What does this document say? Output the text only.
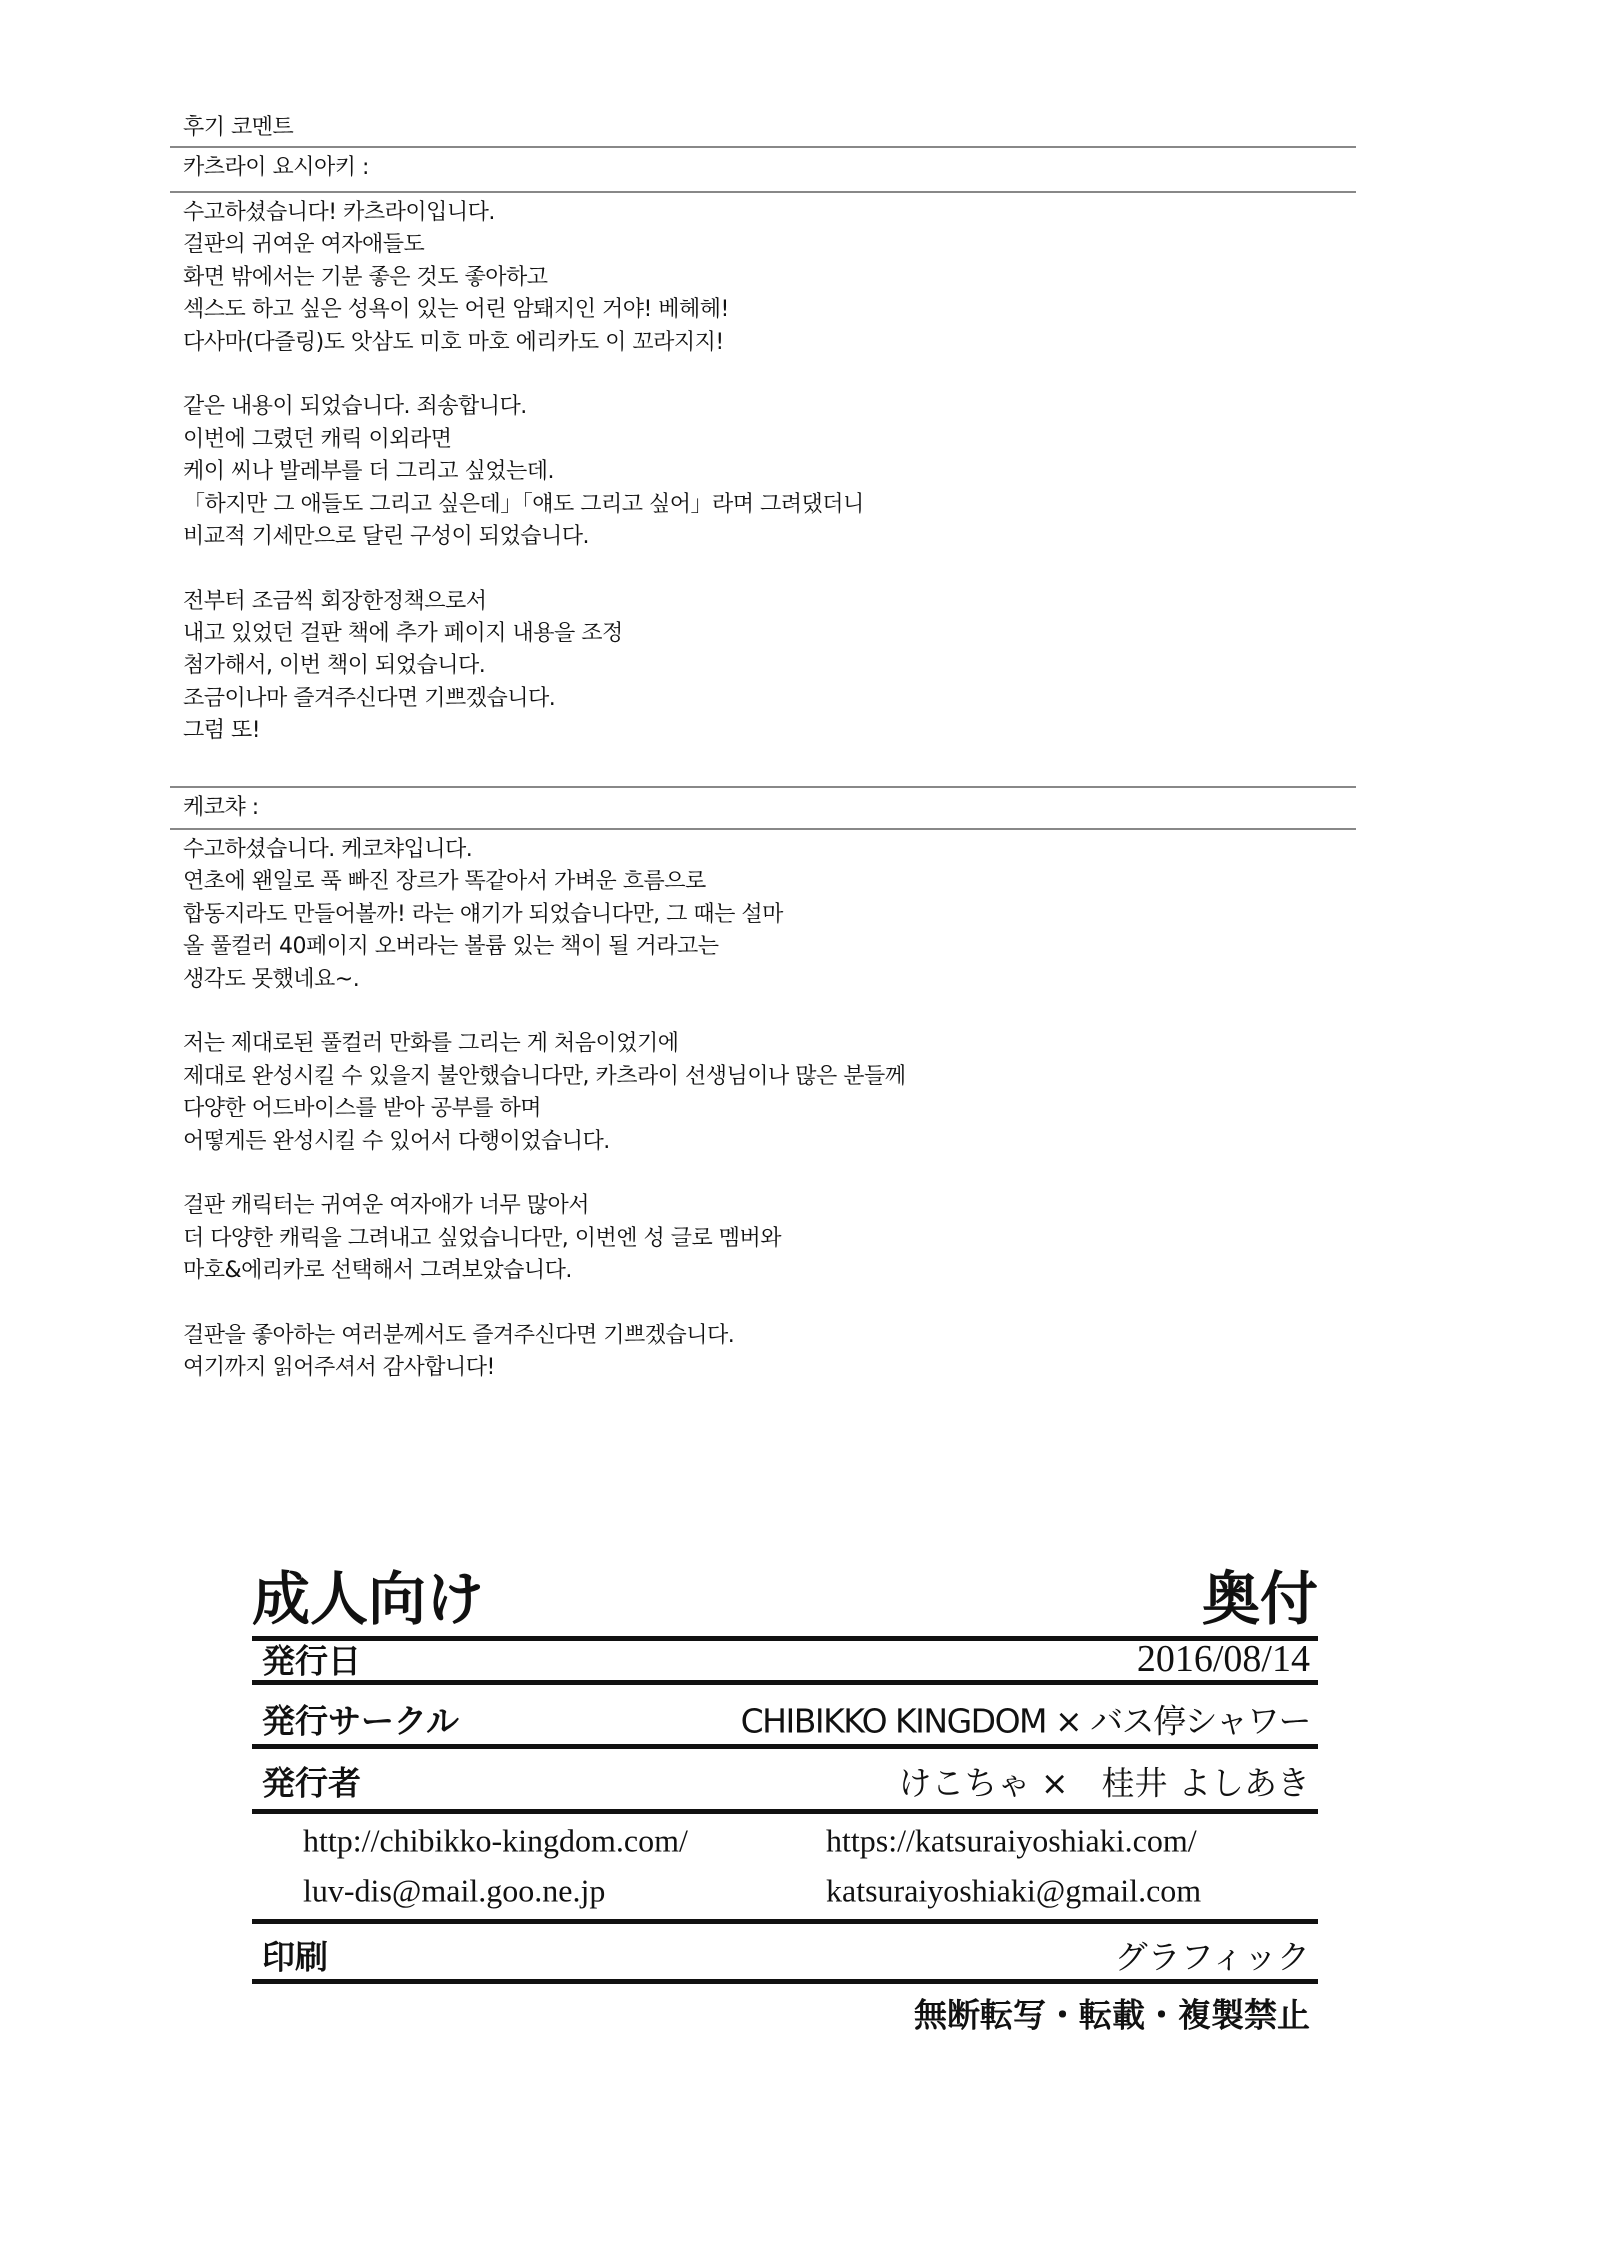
후기 코멘트
카츠라이 요시아키 :
수고하셨습니다! 카츠라이입니다.
걸판의 귀여운 여자애들도
화면 밖에서는 기분 좋은 것도 좋아하고
섹스도 하고 싶은 성욕이 있는 어린 암퇘지인 거야! 베헤헤!
다사마(다즐링)도 앗삼도 미호 마호 에리카도 이 꼬라지지!
같은 내용이 되었습니다. 죄송합니다.
이번에 그렸던 캐릭 이외라면
케이 씨나 발레부를 더 그리고 싶었는데.
「하지만 그 애들도 그리고 싶은데」「얘도 그리고 싶어」라며 그려댔더니
비교적 기세만으로 달린 구성이 되었습니다.
전부터 조금씩 회장한정책으로서
내고 있었던 걸판 책에 추가 페이지 내용을 조정
첨가해서, 이번 책이 되었습니다.
조금이나마 즐겨주신다면 기쁘겠습니다.
그럼 또!
케코챠 :
수고하셨습니다. 케코챠입니다.
연초에 왠일로 푹 빠진 장르가 똑같아서 가벼운 흐름으로
합동지라도 만들어볼까! 라는 얘기가 되었습니다만, 그 때는 설마
올 풀컬러 40페이지 오버라는 볼륨 있는 책이 될 거라고는
생각도 못했네요~.
저는 제대로된 풀컬러 만화를 그리는 게 처음이었기에
제대로 완성시킬 수 있을지 불안했습니다만, 카츠라이 선생님이나 많은 분들께
다양한 어드바이스를 받아 공부를 하며
어떻게든 완성시킬 수 있어서 다행이었습니다.
걸판 캐릭터는 귀여운 여자애가 너무 많아서
더 다양한 캐릭을 그려내고 싶었습니다만, 이번엔 성 글로 멤버와
마호&에리카로 선택해서 그려보았습니다.
걸판을 좋아하는 여러분께서도 즐겨주신다면 기쁘겠습니다.
여기까지 읽어주셔서 감사합니다!
成人向け	奥付
発行日	2016/08/14
発行サークル	CHIBIKKO KINGDOM × バス停シャワー
発行者	けこちゃ ×　桂井 よしあき
http://chibikko-kingdom.com/	https://katsuraiyoshiaki.com/
luv-dis@mail.goo.ne.jp	katsuraiyoshiaki@gmail.com
印刷	グラフィック
無断転写・転載・複製禁止
